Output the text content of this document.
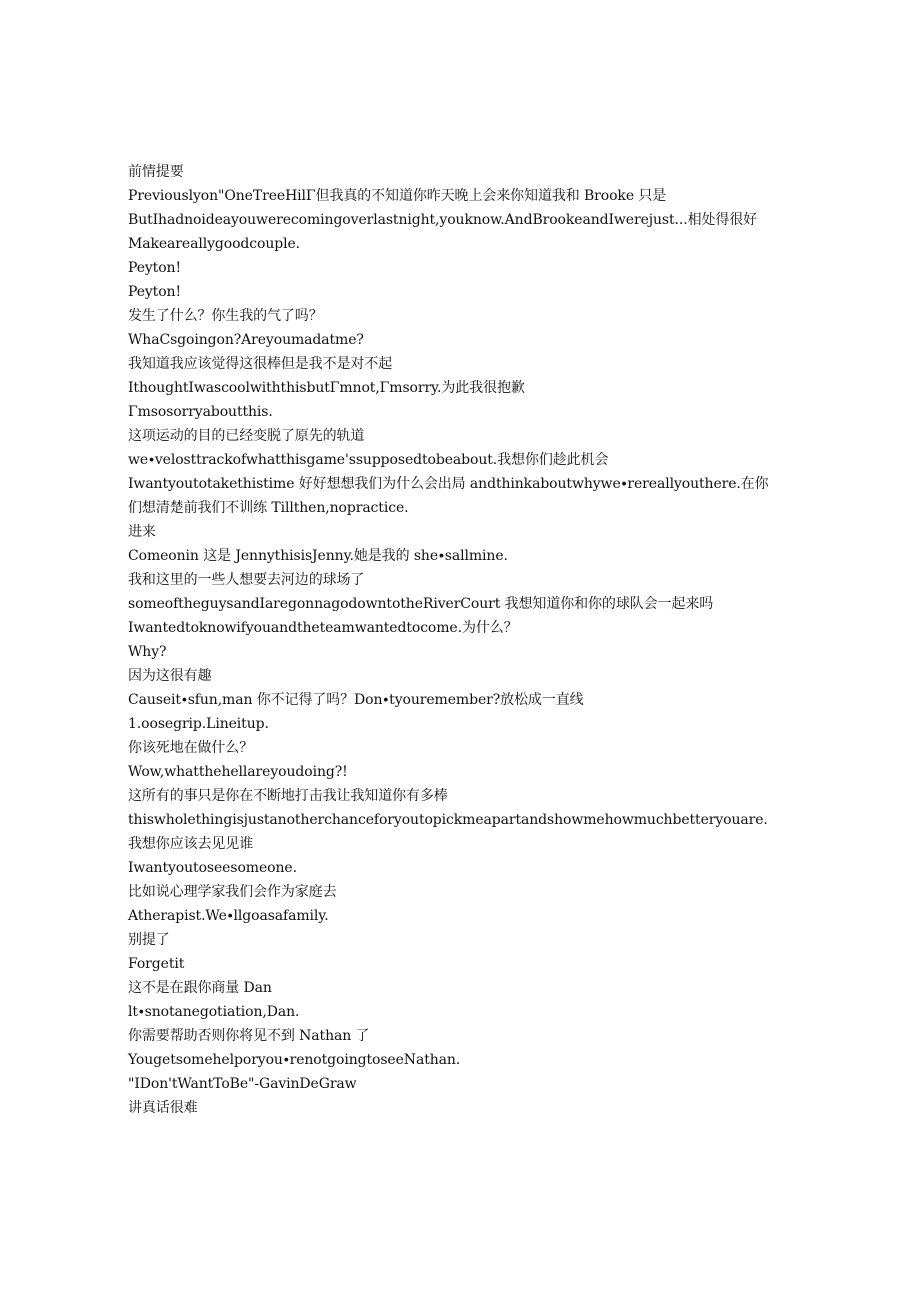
前情提要

Previouslyon"OneTreeHilΓ但我真的不知道你昨天晚上会来你知道我和 Brooke 只是

ButIhadnoideayouwerecomingoverlastnight,youknow.AndBrookeandIwerejust...相处得很好

Makeareallygoodcouple.

Peyton!

Peyton!

发生了什么？你生我的气了吗？

WhaCsgoingon?Areyoumadatme?

我知道我应该觉得这很棒但是我不是对不起

IthoughtIwascoolwiththisbutΓmnot,Γmsorry.为此我很抱歉

Γmsosorryaboutthis.

这项运动的目的已经变脱了原先的轨道

we∙velosttrackofwhatthisgame'ssupposedtobeabout.我想你们趁此机会

Iwantyoutotakethistime 好好想想我们为什么会出局 andthinkaboutwhywe∙rereallyouthere.在你

们想清楚前我们不训练 Tillthen,nopractice.

进来

Comeonin 这是 JennythisisJenny.她是我的 she∙sallmine.

我和这里的一些人想要去河边的球场了

someoftheguysandIaregonnagodowntotheRiverCourt 我想知道你和你的球队会一起来吗

Iwantedtoknowifyouandtheteamwantedtocome.为什么？

Why?

因为这很有趣

Causeit∙sfun,man 你不记得了吗？Don∙tyouremember?放松成一直线

1.oosegrip.Lineitup.

你该死地在做什么？

Wow,whatthehellareyoudoing?!

这所有的事只是你在不断地打击我让我知道你有多棒

thiswholethingisjustanotherchanceforyoutopickmeapartandshowmehowmuchbetteryouare.

我想你应该去见见谁

Iwantyoutoseesomeone.

比如说心理学家我们会作为家庭去

Atherapist.We∙llgoasafamily.

别提了

Forgetit

这不是在跟你商量 Dan

lt∙snotanegotiation,Dan.

你需要帮助否则你将见不到 Nathan 了

Yougetsomehelporyou∙renotgoingtoseeNathan.

"IDon'tWantToBe"-GavinDeGraw

讲真话很难
